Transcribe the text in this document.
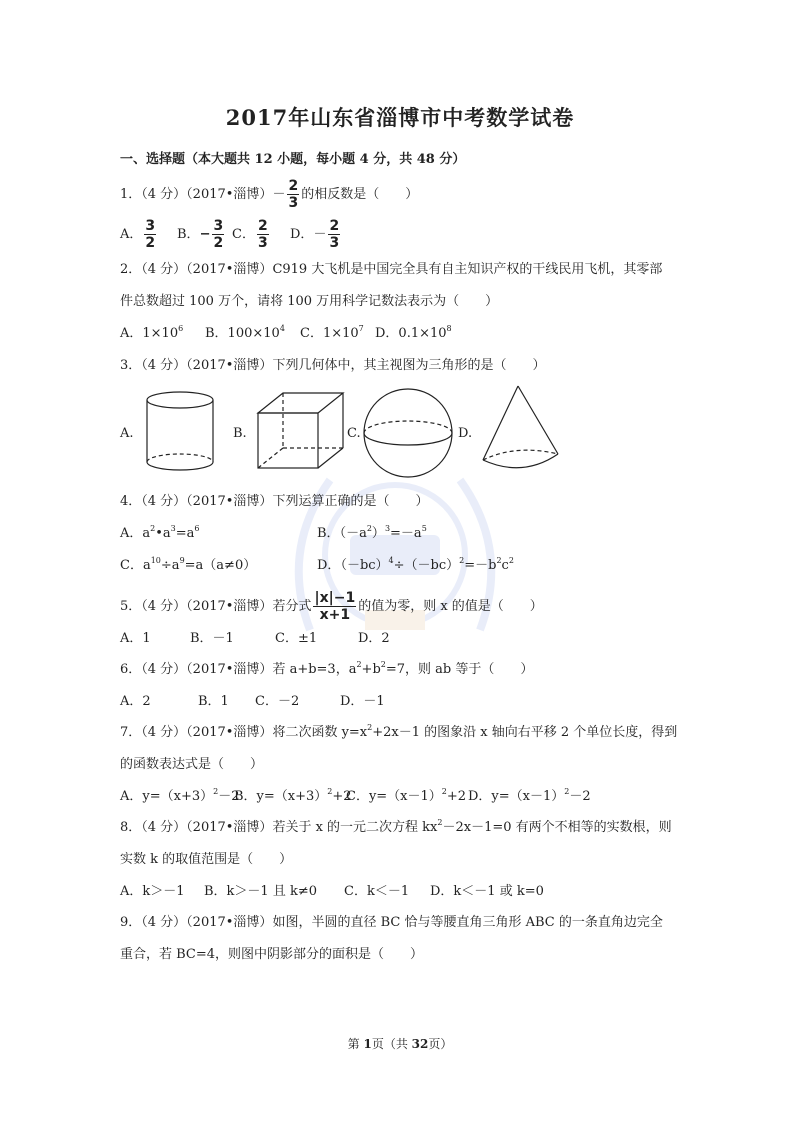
2017年山东省淄博市中考数学试卷
一、选择题（本大题共 12 小题，每小题 4 分，共 48 分）
1．（4 分）（2017•淄博）－ $\frac{2}{3}$ 的相反数是（　　）
A． $\frac{3}{2}$ B．− $\frac{3}{2}$ C． $\frac{2}{3}$ D．－ $\frac{2}{3}$
2．（4 分）（2017•淄博）C919 大飞机是中国完全具有自主知识产权的干线民用飞机，其零部
件总数超过 100 万个，请将 100 万用科学记数法表示为（　　）
A．$1\times 10^6$ B．$100\times 10^4$ C．$1\times 10^7$ D．$0.1\times 10^8$
3．（4 分）（2017•淄博）下列几何体中，其主视图为三角形的是（　　）
A.	B.	C.	D.
4．（4 分）（2017•淄博）下列运算正确的是（　　）
A．$a^2•a^3=a^6$	B．$(-a^2)^3=-a^5$
C．$a^{10}\div a^9=a(a\ne 0)$	D．$(-bc)^4\div(-bc)^2=-b^2c^2$
5．（4 分）（2017•淄博）若分式 $\frac{|x|-1}{x+1}$ 的值为零，则 x 的值是（　　）
A．1	B．－1	C．±1	D．2
6．（4 分）（2017•淄博）若 a+b=3，$a^2+b^2=7$，则 ab 等于（　　）
A．2	B．1 C．－2	D．－1
7．（4 分）（2017•淄博）将二次函数 $y=x^2+2x-1$ 的图象沿 x 轴向右平移 2 个单位长度，得到
的函数表达式是（　　）
A．$y=(x+3)^2-2$
B．$y=(x+3)^2+2$
C．$y=(x-1)^2+2$ D．$y=(x-1)^2-2$
8．（4 分）（2017•淄博）若关于 x 的一元二次方程 $kx^2-2x-1=0$ 有两个不相等的实数根，则
实数 k 的取值范围是（　　）
A．k＞－1 B．k＞－1 且 k≠0 C．k＜－1 D．k＜－1 或 k=0
9．（4 分）（2017•淄博）如图，半圆的直径 BC 恰与等腰直角三角形 ABC 的一条直角边完全
重合，若 BC=4，则图中阴影部分的面积是（　　）
第 1页（共 32页）
